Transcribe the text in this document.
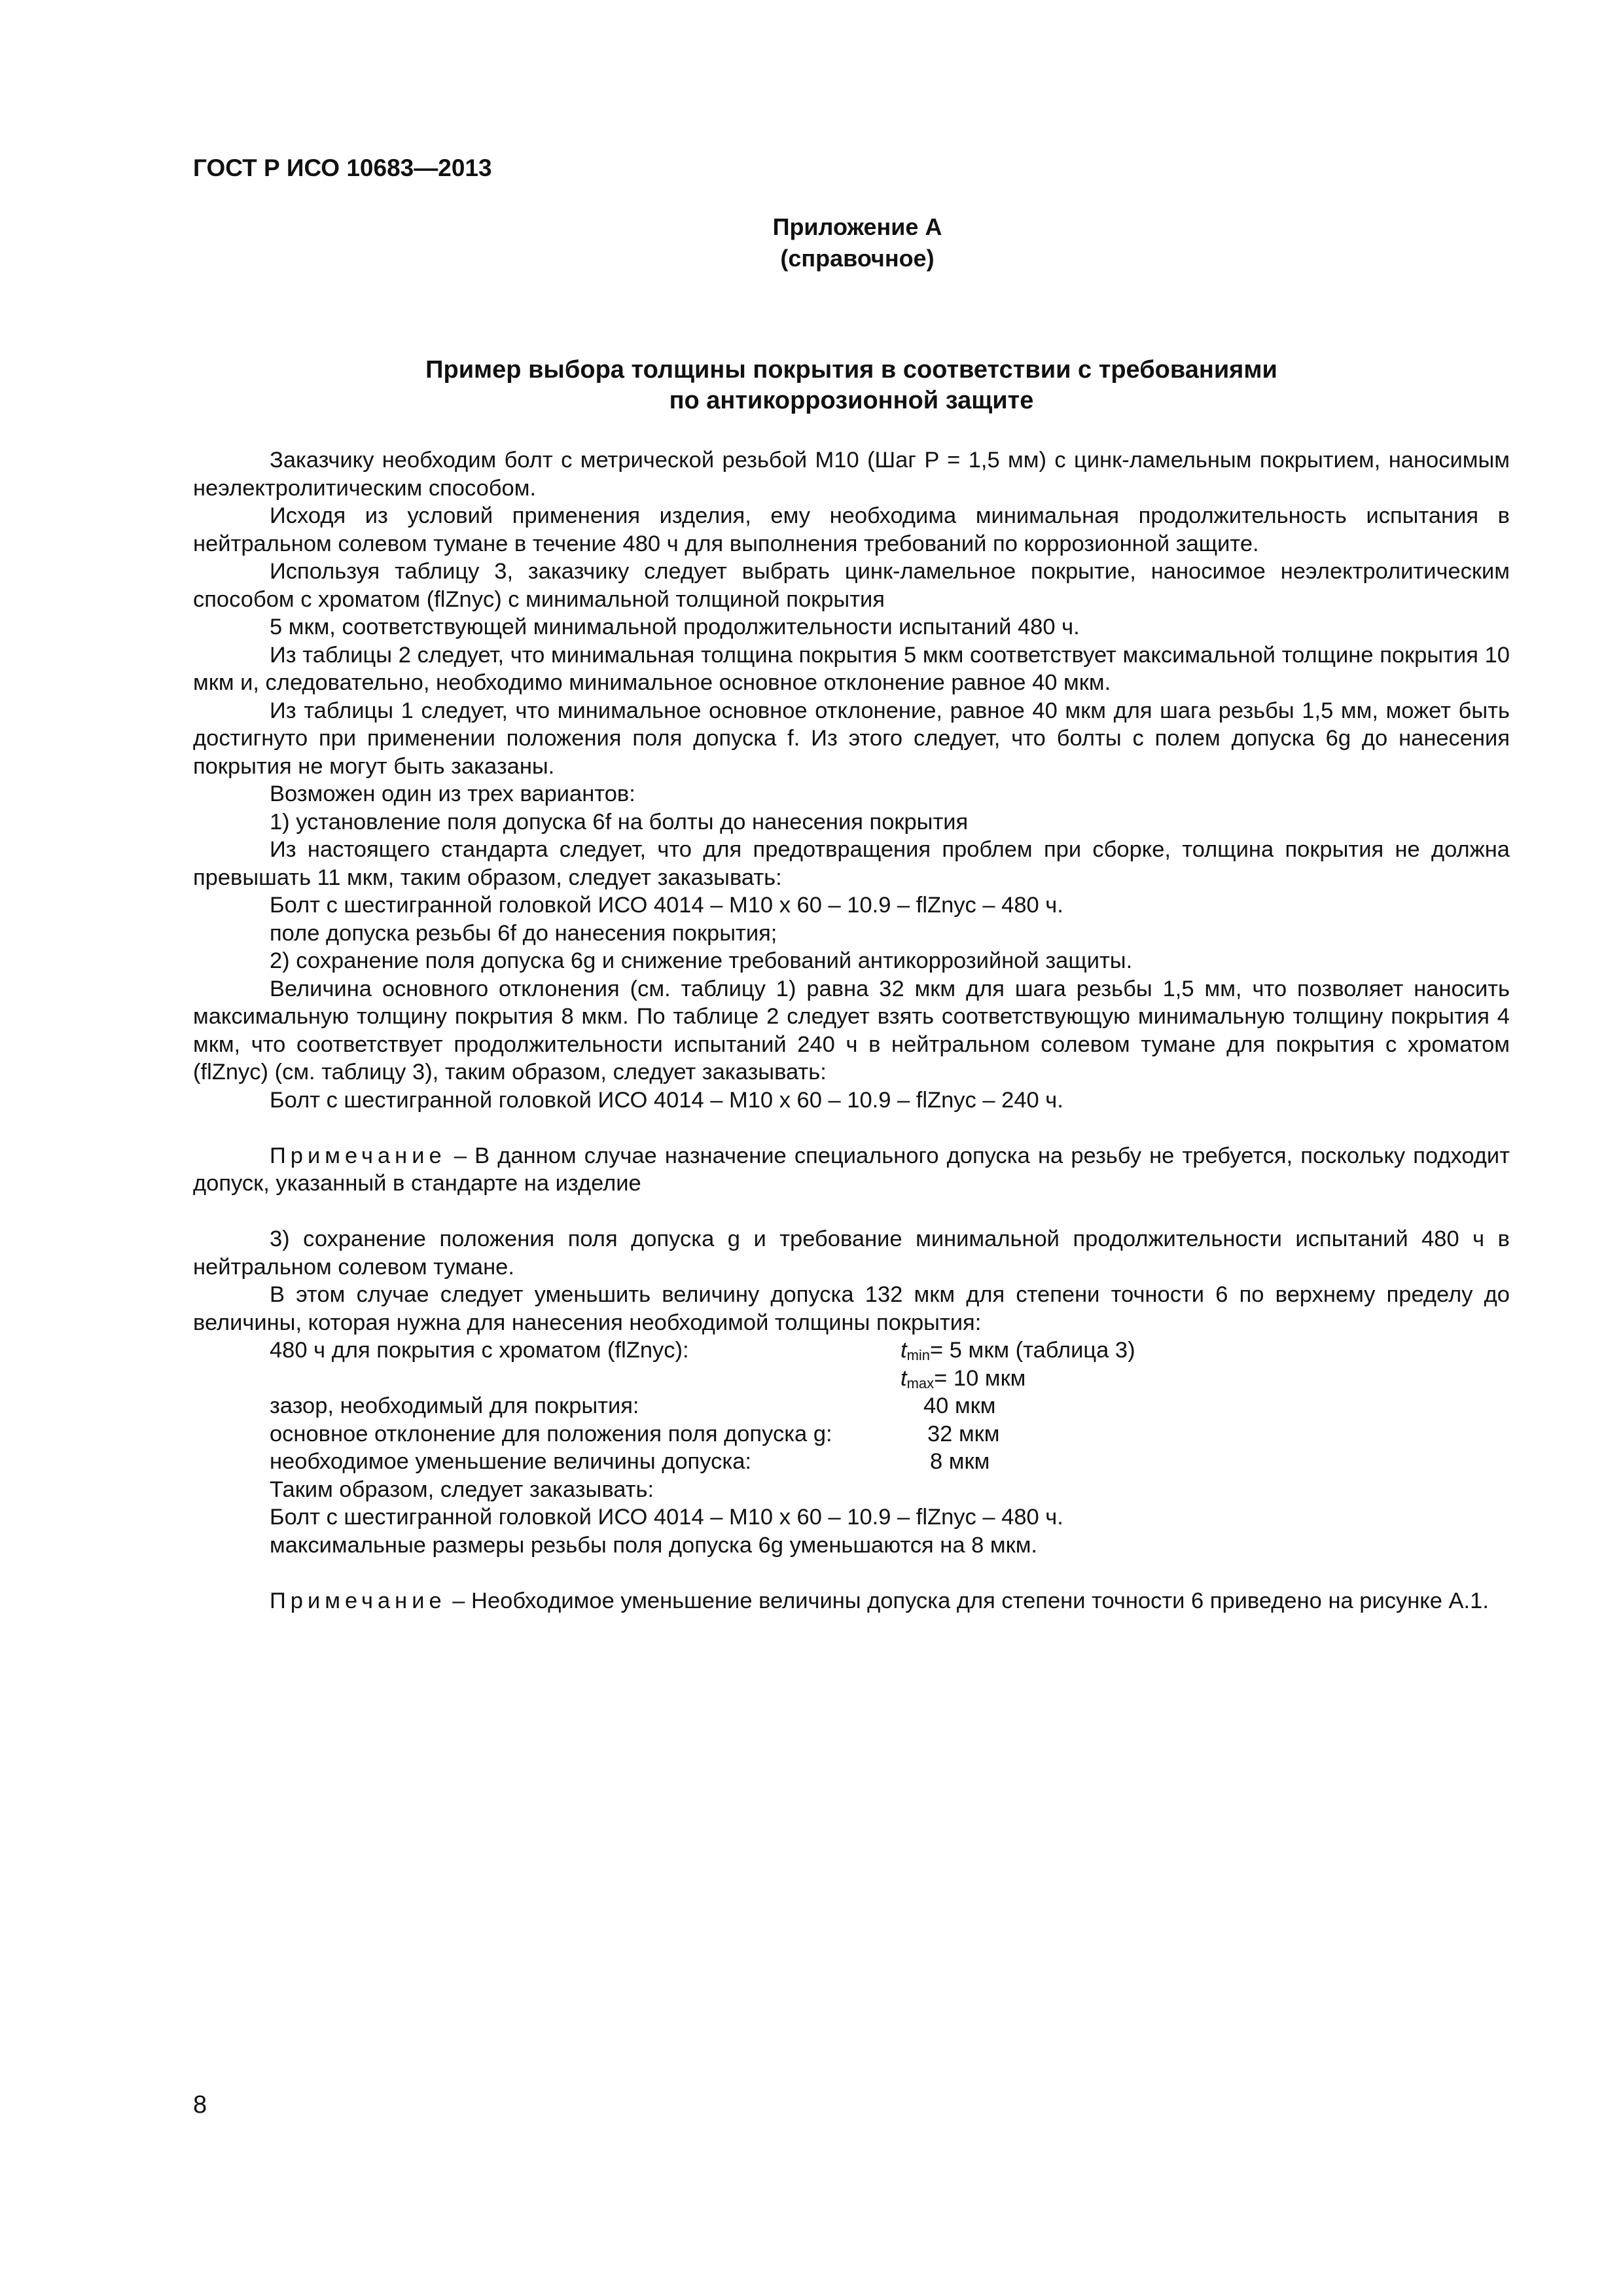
ГОСТ Р ИСО 10683—2013
Приложение А
(справочное)
Пример выбора толщины покрытия в соответствии с требованиями
по антикоррозионной защите

Заказчику необходим болт с метрической резьбой М10 (Шаг P = 1,5 мм) с цинк-ламельным покрытием, наносимым неэлектролитическим способом.

Исходя из условий применения изделия, ему необходима минимальная продолжительность испытания в нейтральном солевом тумане в течение 480 ч для выполнения требований по коррозионной защите.

Используя таблицу 3, заказчику следует выбрать цинк-ламельное покрытие, наносимое неэлектролитическим способом с хроматом (flZnyc) с минимальной толщиной покрытия

5 мкм, соответствующей минимальной продолжительности испытаний 480 ч.

Из таблицы 2 следует, что минимальная толщина покрытия 5 мкм соответствует максимальной толщине покрытия 10 мкм и, следовательно, необходимо минимальное основное отклонение равное 40 мкм.

Из таблицы 1 следует, что минимальное основное отклонение, равное 40 мкм для шага резьбы 1,5 мм, может быть достигнуто при применении положения поля допуска f. Из этого следует, что болты с полем допуска 6g до нанесения покрытия не могут быть заказаны.

Возможен один из трех вариантов:

1) установление поля допуска 6f на болты до нанесения покрытия

Из настоящего стандарта следует, что для предотвращения проблем при сборке, толщина покрытия не должна превышать 11 мкм, таким образом, следует заказывать:

Болт с шестигранной головкой ИСО 4014 – М10 x 60 – 10.9 – flZnyc – 480 ч.

поле допуска резьбы 6f до нанесения покрытия;

2) сохранение поля допуска 6g и снижение требований антикоррозийной защиты.

Величина основного отклонения (см. таблицу 1) равна 32 мкм для шага резьбы 1,5 мм, что позволяет наносить максимальную толщину покрытия 8 мкм. По таблице 2 следует взять соответствующую минимальную толщину покрытия 4 мкм, что соответствует продолжительности испытаний 240 ч в нейтральном солевом тумане для покрытия с хроматом (flZnyc) (см. таблицу 3), таким образом, следует заказывать:

Болт с шестигранной головкой ИСО 4014 – М10 x 60 – 10.9 – flZnyc – 240 ч.

Примечание – В данном случае назначение специального допуска на резьбу не требуется, поскольку подходит допуск, указанный в стандарте на изделие

3) сохранение положения поля допуска g и требование минимальной продолжительности испытаний 480 ч в нейтральном солевом тумане.

В этом случае следует уменьшить величину допуска 132 мкм для степени точности 6 по верхнему пределу до величины, которая нужна для нанесения необходимой толщины покрытия:

480 ч для покрытия с хроматом (flZnyc):	$t_{min}= 5$ мкм (таблица 3)
$t_{max}= 10$ мкм
зазор, необходимый для покрытия:	40 мкм
основное отклонение для положения поля допуска g:	32 мкм
необходимое уменьшение величины допуска:	8 мкм

Таким образом, следует заказывать:

Болт с шестигранной головкой ИСО 4014 – М10 x 60 – 10.9 – flZnyc – 480 ч.

максимальные размеры резьбы поля допуска 6g уменьшаются на 8 мкм.

Примечание – Необходимое уменьшение величины допуска для степени точности 6 приведено на рисунке А.1.

8
